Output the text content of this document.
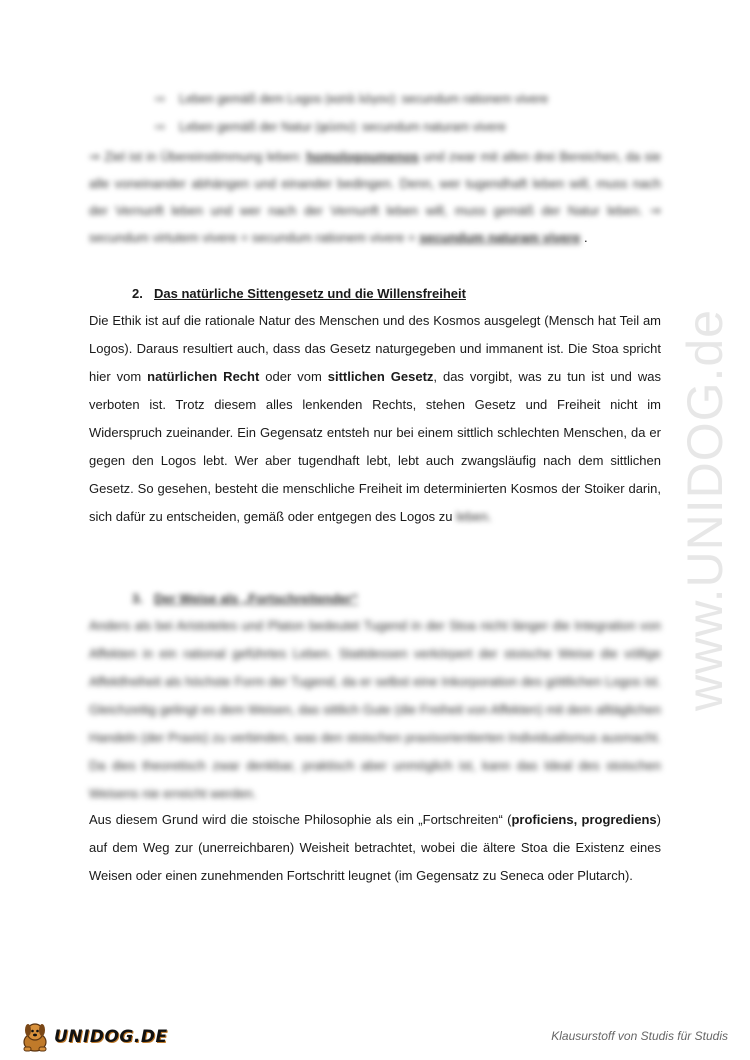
www.UNIDOG.de
⇨ Leben gemäß dem Logos (κατὰ λόγον): secundum rationem vivere
⇨ Leben gemäß der Natur (φύσιν): secundum naturam vivere
⇒ Ziel ist in Übereinstimmung leben: homologoumenos und zwar mit allen drei Bereichen, da sie alle voneinander abhängen und einander bedingen. Denn, wer tugendhaft leben will, muss nach der Vernunft leben und wer nach der Vernunft leben will, muss gemäß der Natur leben. ⇒ secundum virtutem vivere = secundum rationem vivere = secundum naturam vivere .
2. Das natürliche Sittengesetz und die Willensfreiheit
Die Ethik ist auf die rationale Natur des Menschen und des Kosmos ausgelegt (Mensch hat Teil am Logos). Daraus resultiert auch, dass das Gesetz naturgegeben und immanent ist. Die Stoa spricht hier vom natürlichen Recht oder vom sittlichen Gesetz, das vorgibt, was zu tun ist und was verboten ist. Trotz diesem alles lenkenden Rechts, stehen Gesetz und Freiheit nicht im Widerspruch zueinander. Ein Gegensatz entsteh nur bei einem sittlich schlechten Menschen, da er gegen den Logos lebt. Wer aber tugendhaft lebt, lebt auch zwangsläufig nach dem sittlichen Gesetz. So gesehen, besteht die menschliche Freiheit im determinierten Kosmos der Stoiker darin, sich dafür zu entscheiden, gemäß oder entgegen des Logos zu leben.
3. Der Weise als „Fortschreitender“
Anders als bei Aristoteles und Platon bedeutet Tugend in der Stoa nicht länger die Integration von Affekten in ein rational geführtes Leben. Stattdessen verkörpert der stoische Weise die völlige Affektfreiheit als höchste Form der Tugend, da er selbst eine Inkorporation des göttlichen Logos ist. Gleichzeitig gelingt es dem Weisen, das sittlich Gute (die Freiheit von Affekten) mit dem alltäglichen Handeln (der Praxis) zu verbinden, was den stoischen praxisorientierten Individualismus ausmacht. Da dies theoretisch zwar denkbar, praktisch aber unmöglich ist, kann das Ideal des stoischen Weisens nie erreicht werden.
Aus diesem Grund wird die stoische Philosophie als ein „Fortschreiten“ (proficiens, progrediens) auf dem Weg zur (unerreichbaren) Weisheit betrachtet, wobei die ältere Stoa die Existenz eines Weisen oder einen zunehmenden Fortschritt leugnet (im Gegensatz zu Seneca oder Plutarch).
UNIDOG.DE	Klausurstoff von Studis für Studis
